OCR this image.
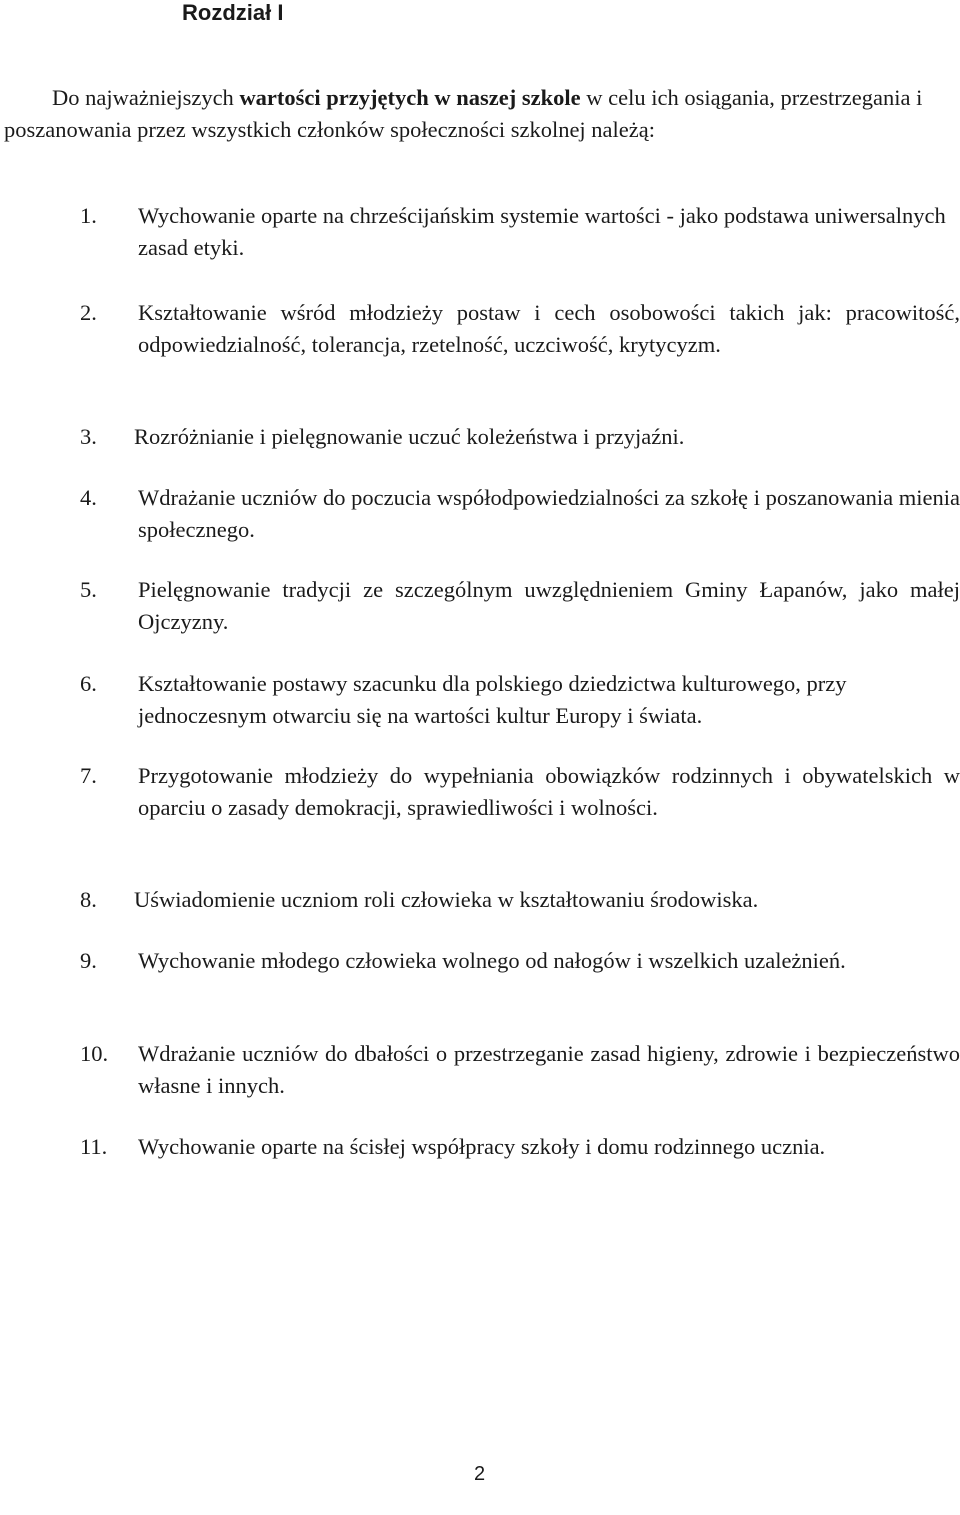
Rozdział I

Do najważniejszych wartości przyjętych w naszej szkole w celu ich osiągania, przestrzegania i poszanowania przez wszystkich członków społeczności szkolnej należą:

1. Wychowanie oparte na chrześcijańskim systemie wartości - jako podstawa uniwersalnych zasad etyki.
2. Kształtowanie wśród młodzieży postaw i cech osobowości takich jak: pracowitość, odpowiedzialność, tolerancja, rzetelność, uczciwość, krytycyzm.
3. Rozróżnianie i pielęgnowanie uczuć koleżeństwa i przyjaźni.
4. Wdrażanie uczniów do poczucia współodpowiedzialności za szkołę i poszanowania mienia społecznego.
5. Pielęgnowanie tradycji ze szczególnym uwzględnieniem Gminy Łapanów, jako małej Ojczyzny.
6. Kształtowanie postawy szacunku dla polskiego dziedzictwa kulturowego, przy jednoczesnym otwarciu się na wartości kultur Europy i świata.
7. Przygotowanie młodzieży do wypełniania obowiązków rodzinnych i obywatelskich w oparciu o zasady demokracji, sprawiedliwości i wolności.
8. Uświadomienie uczniom roli człowieka w kształtowaniu środowiska.
9. Wychowanie młodego człowieka wolnego od nałogów i wszelkich uzależnień.
10. Wdrażanie uczniów do dbałości o przestrzeganie zasad higieny, zdrowie i bezpieczeństwo własne i innych.
11. Wychowanie oparte na ścisłej współpracy szkoły i domu rodzinnego ucznia.
2
